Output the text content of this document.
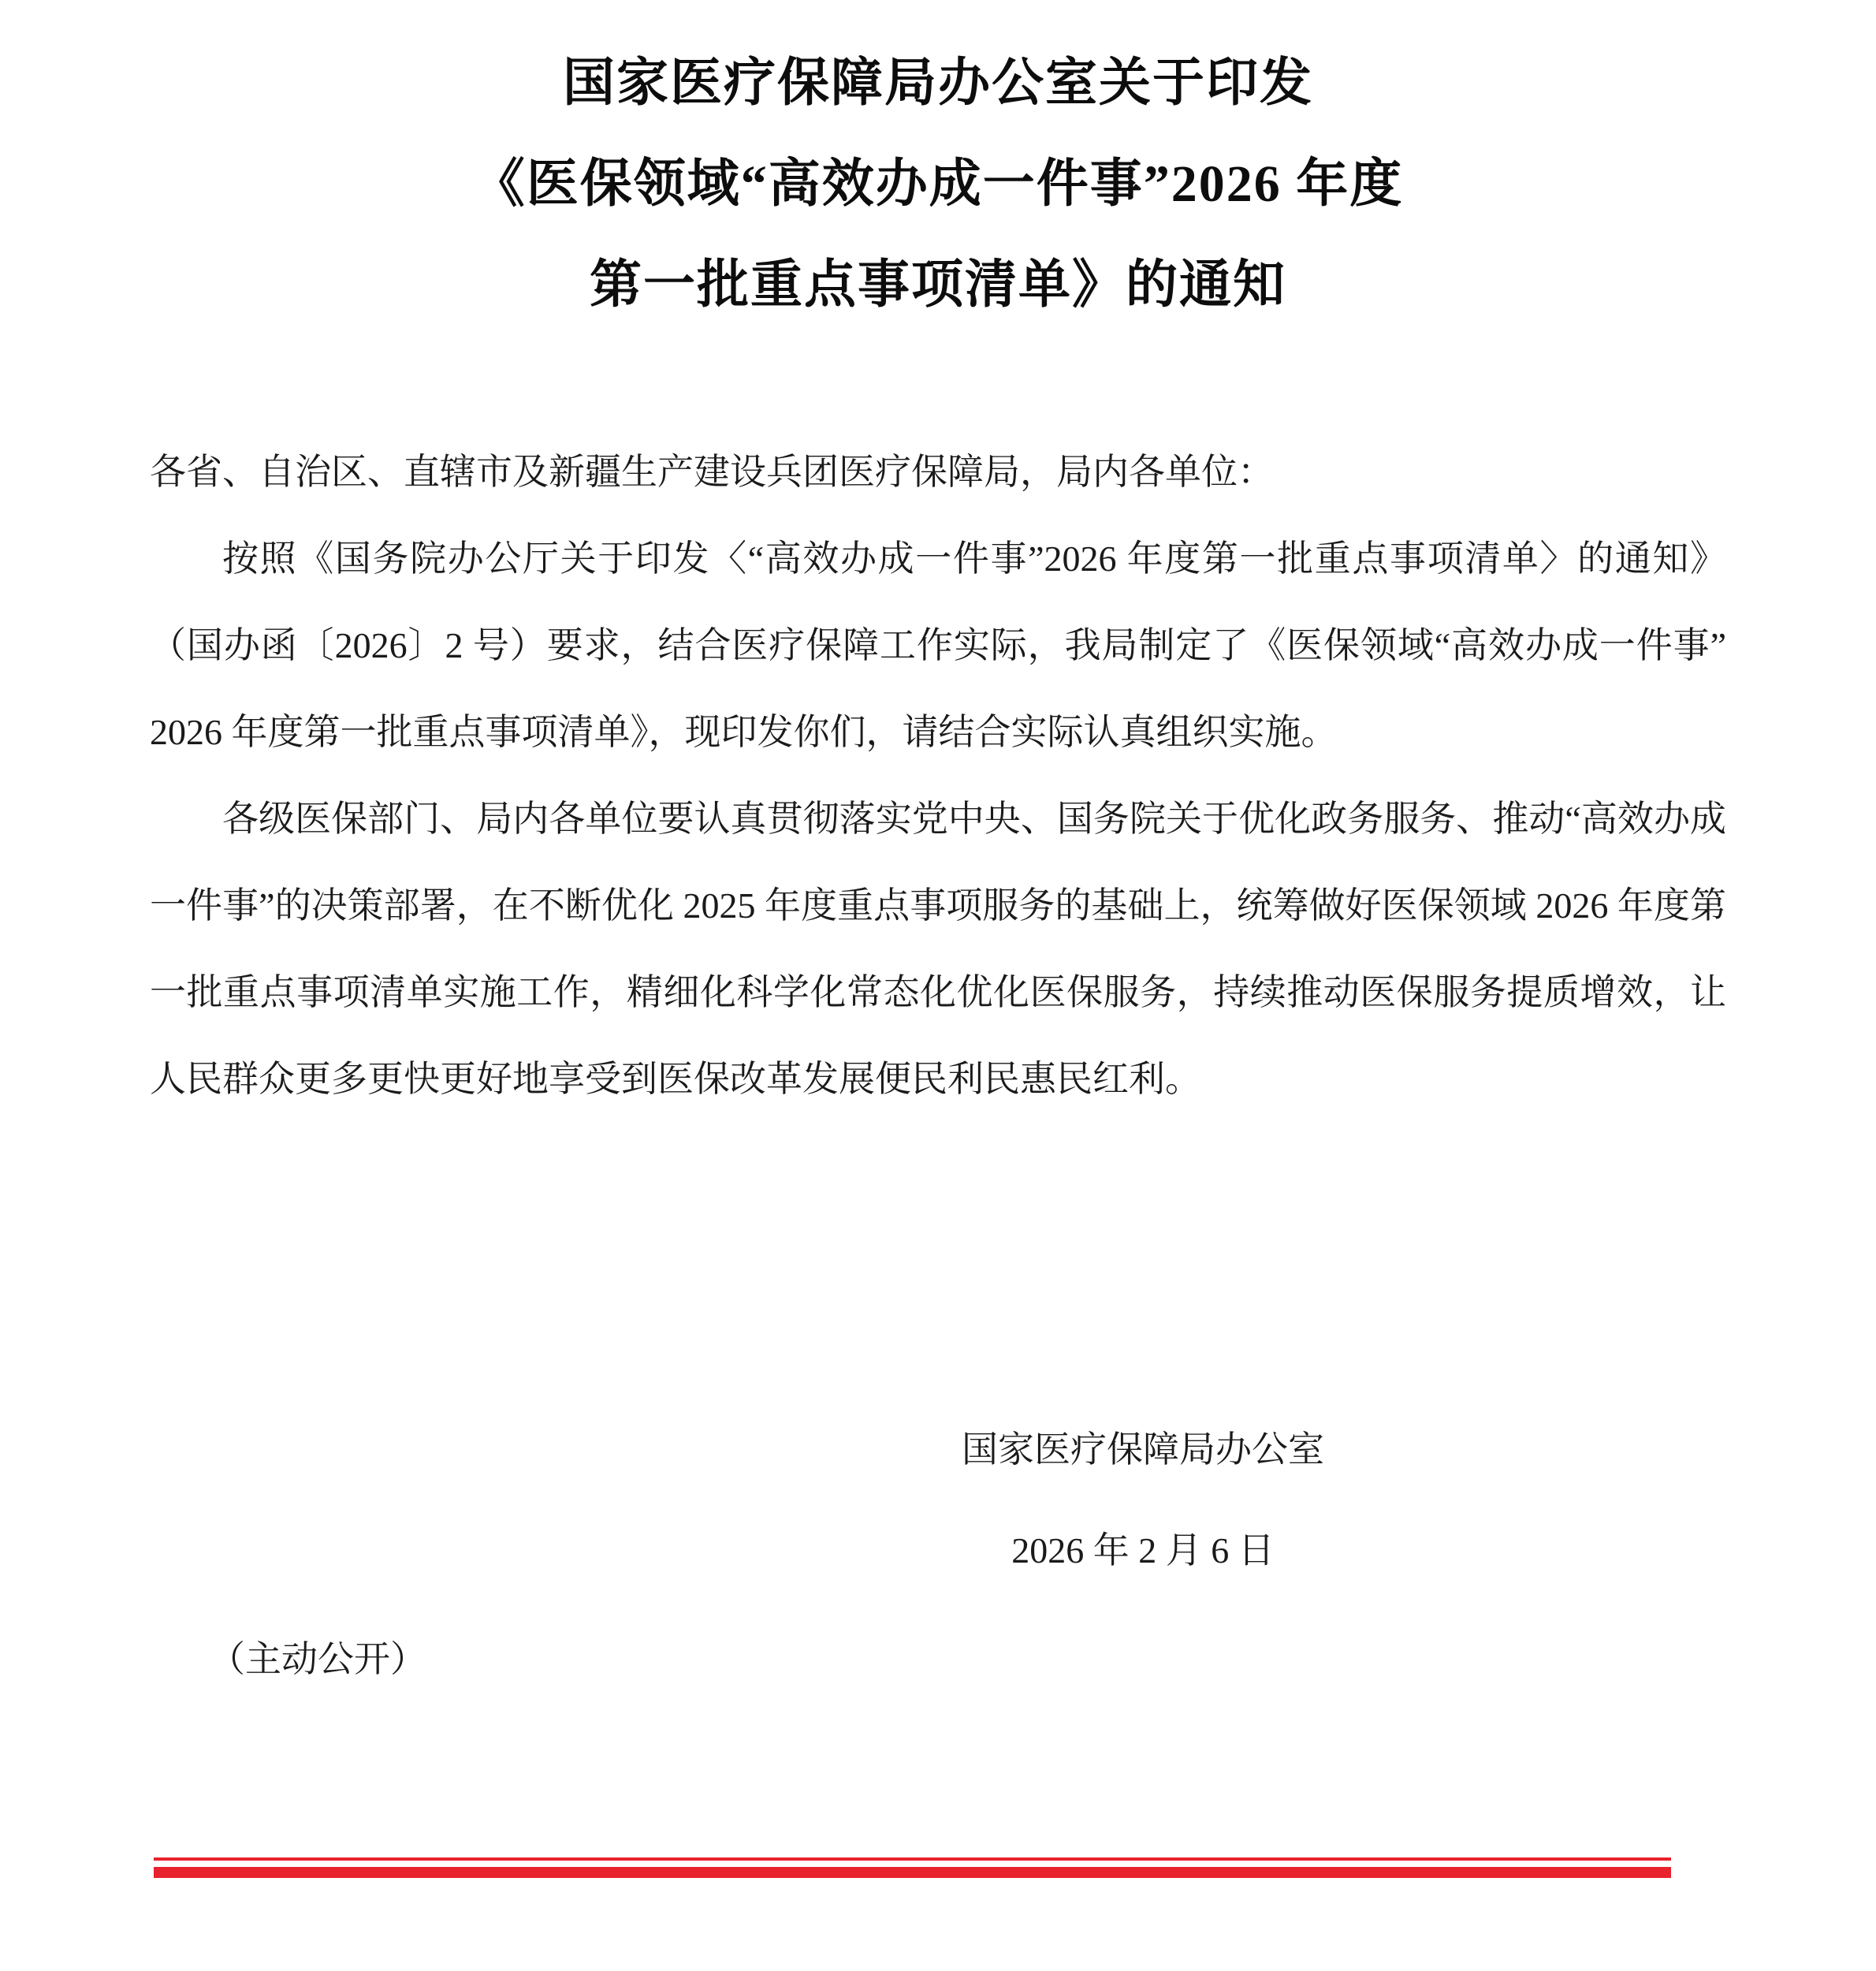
国家医疗保障局办公室关于印发
《医保领域“高效办成一件事”2026 年度
第一批重点事项清单》的通知

各省、自治区、直辖市及新疆生产建设兵团医疗保障局，局内各单位：

按照《国务院办公厅关于印发〈“高效办成一件事”2026 年度第一批重点事项清单〉的通知》（国办函〔2026〕2 号）要求，结合医疗保障工作实际，我局制定了《医保领域“高效办成一件事”2026 年度第一批重点事项清单》，现印发你们，请结合实际认真组织实施。

各级医保部门、局内各单位要认真贯彻落实党中央、国务院关于优化政务服务、推动“高效办成一件事”的决策部署，在不断优化 2025 年度重点事项服务的基础上，统筹做好医保领域 2026 年度第一批重点事项清单实施工作，精细化科学化常态化优化医保服务，持续推动医保服务提质增效，让人民群众更多更快更好地享受到医保改革发展便民利民惠民红利。

国家医疗保障局办公室
2026 年 2 月 6 日

（主动公开）
